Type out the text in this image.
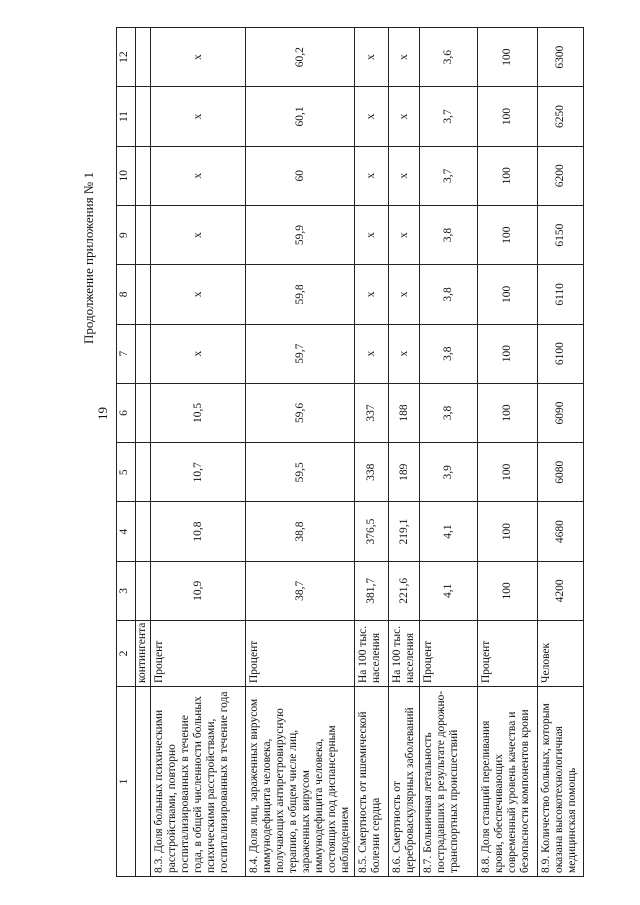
19
Продолжение приложения № 1
1	2	3	4	5	6	7	8	9	10	11	12
	контингента										
8.3. Доля больных психическими расстройствами, повторно госпитализированных в течение года, в общей численности больных психическими расстройствами, госпитализированных в течение года	Процент	10,9	10,8	10,7	10,5	x	x	x	x	x	x
8.4. Доля лиц, зараженных вирусом иммунодефицита человека, получающих антиретровирусную терапию, в общем числе лиц, зараженных вирусом иммунодефицита человека, состоящих под диспансерным наблюдением	Процент	38,7	38,8	59,5	59,6	59,7	59,8	59,9	60	60,1	60,2
8.5. Смертность от ишемической болезни сердца	На 100 тыс. населения	381,7	376,5	338	337	x	x	x	x	x	x
8.6. Смертность от цереброваскулярных заболеваний	На 100 тыс. населения	221,6	219,1	189	188	x	x	x	x	x	x
8.7. Больничная летальность пострадавших в результате дорожно-транспортных происшествий	Процент	4,1	4,1	3,9	3,8	3,8	3,8	3,8	3,7	3,7	3,6
8.8. Доля станций переливания крови, обеспечивающих современный уровень качества и безопасности компонентов крови	Процент	100	100	100	100	100	100	100	100	100	100
8.9. Количество больных, которым оказана высокотехнологичная медицинская помощь	Человек	4200	4680	6080	6090	6100	6110	6150	6200	6250	6300
